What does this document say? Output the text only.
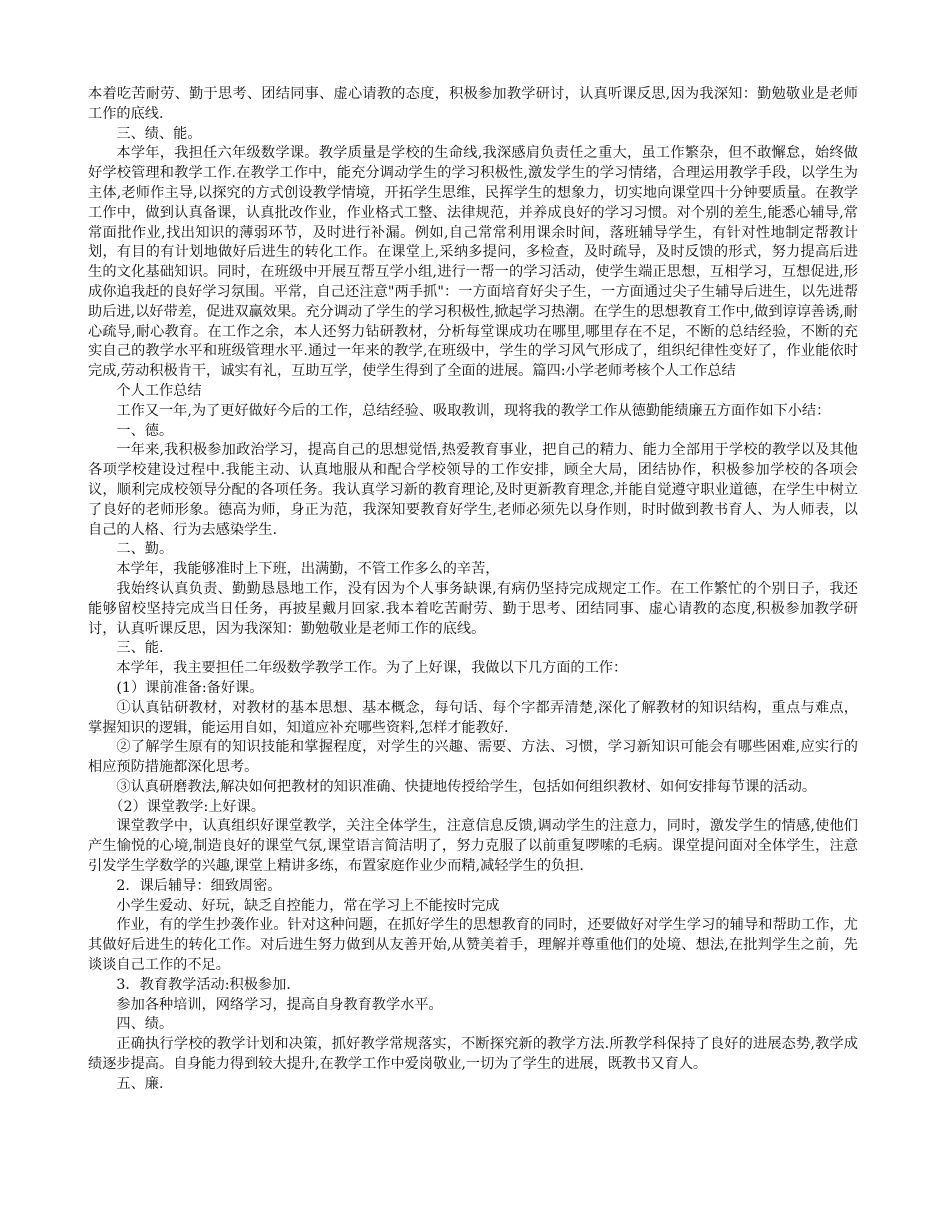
本着吃苦耐劳、勤于思考、团结同事、虚心请教的态度，积极参加教学研讨，认真听课反思,因为我深知：勤勉敬业是老师工作的底线.

三、绩、能。

本学年，我担任六年级数学课。教学质量是学校的生命线,我深感肩负责任之重大，虽工作繁杂，但不敢懈怠，始终做好学校管理和教学工作.在教学工作中，能充分调动学生的学习积极性,激发学生的学习情绪，合理运用教学手段，以学生为主体,老师作主导,以探究的方式创设教学情境，开拓学生思维，民挥学生的想象力，切实地向课堂四十分钟要质量。在教学工作中，做到认真备课，认真批改作业，作业格式工整、法律规范，并养成良好的学习习惯。对个别的差生,能悉心辅导,常常面批作业,找出知识的薄弱环节，及时进行补漏。例如,自己常常利用课余时间，落班辅导学生，有针对性地制定帮教计划，有目的有计划地做好后进生的转化工作。在课堂上,采纳多提问，多检查，及时疏导，及时反馈的形式，努力提高后进生的文化基础知识。同时，在班级中开展互帮互学小组,进行一帮一的学习活动，使学生端正思想，互相学习，互想促进,形成你追我赶的良好学习氛围。平常，自己还注意"两手抓"：一方面培育好尖子生，一方面通过尖子生辅导后进生，以先进帮助后进,以好带差，促进双赢效果。充分调动了学生的学习积极性,掀起学习热潮。在学生的思想教育工作中,做到谆谆善诱,耐心疏导,耐心教育。在工作之余，本人还努力钻研教材，分析每堂课成功在哪里,哪里存在不足，不断的总结经验，不断的充实自己的教学水平和班级管理水平.通过一年来的教学,在班级中，学生的学习风气形成了，组织纪律性变好了，作业能依时完成,劳动积极肯干，诚实有礼，互助互学，使学生得到了全面的进展。篇四:小学老师考核个人工作总结

个人工作总结

工作又一年,为了更好做好今后的工作，总结经验、吸取教训，现将我的教学工作从德勤能绩廉五方面作如下小结：

一、德。

一年来,我积极参加政治学习，提高自己的思想觉悟,热爱教育事业，把自己的精力、能力全部用于学校的教学以及其他各项学校建设过程中.我能主动、认真地服从和配合学校领导的工作安排，顾全大局，团结协作，积极参加学校的各项会议，顺利完成校领导分配的各项任务。我认真学习新的教育理论,及时更新教育理念,并能自觉遵守职业道德，在学生中树立了良好的老师形象。德高为师，身正为范，我深知要教育好学生,老师必须先以身作则，时时做到教书育人、为人师表，以自己的人格、行为去感染学生.

二、勤。

本学年，我能够准时上下班，出满勤，不管工作多么的辛苦，

我始终认真负责、勤勤恳恳地工作，没有因为个人事务缺课,有病仍坚持完成规定工作。在工作繁忙的个别日子，我还能够留校坚持完成当日任务，再披星戴月回家.我本着吃苦耐劳、勤于思考、团结同事、虚心请教的态度,积极参加教学研讨，认真听课反思，因为我深知：勤勉敬业是老师工作的底线。

三、能.

本学年，我主要担任二年级数学教学工作。为了上好课，我做以下几方面的工作：

(1）课前准备:备好课。

①认真钻研教材，对教材的基本思想、基本概念，每句话、每个字都弄清楚,深化了解教材的知识结构，重点与难点，掌握知识的逻辑，能运用自如，知道应补充哪些资料,怎样才能教好.

②了解学生原有的知识技能和掌握程度，对学生的兴趣、需要、方法、习惯，学习新知识可能会有哪些困难,应实行的相应预防措施都深化思考。

③认真研磨教法,解决如何把教材的知识准确、快捷地传授给学生，包括如何组织教材、如何安排每节课的活动。

（2）课堂教学:上好课。

课堂教学中，认真组织好课堂教学，关注全体学生，注意信息反馈,调动学生的注意力，同时，激发学生的情感,使他们产生愉悦的心境,制造良好的课堂气氛,课堂语言简洁明了，努力克服了以前重复啰嗦的毛病。课堂提问面对全体学生，注意引发学生学数学的兴趣,课堂上精讲多练，布置家庭作业少而精,减轻学生的负担.

2．课后辅导：细致周密。

小学生爱动、好玩，缺乏自控能力，常在学习上不能按时完成

作业，有的学生抄袭作业。针对这种问题，在抓好学生的思想教育的同时，还要做好对学生学习的辅导和帮助工作，尤其做好后进生的转化工作。对后进生努力做到从友善开始,从赞美着手，理解并尊重他们的处境、想法,在批判学生之前，先谈谈自己工作的不足。

3．教育教学活动:积极参加.

参加各种培训，网络学习，提高自身教育教学水平。

四、绩。

正确执行学校的教学计划和决策，抓好教学常规落实，不断探究新的教学方法.所教学科保持了良好的进展态势,教学成绩逐步提高。自身能力得到较大提升,在教学工作中爱岗敬业,一切为了学生的进展，既教书又育人。

五、廉.
